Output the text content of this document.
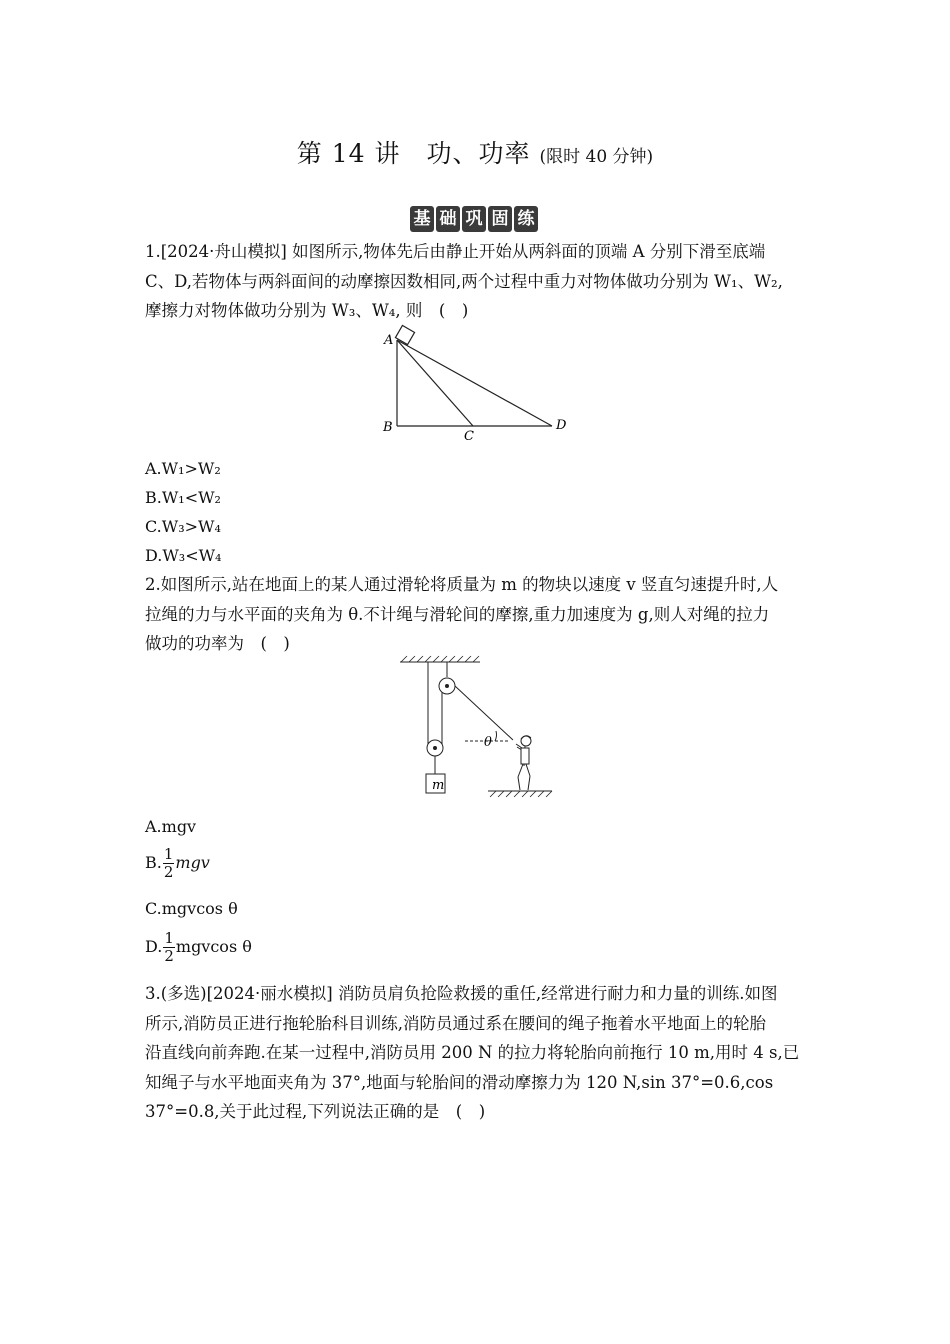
第 14 讲　功、功率 (限时 40 分钟)
基 础 巩 固 练
1.[2024·舟山模拟] 如图所示,物体先后由静止开始从两斜面的顶端 A 分别下滑至底端
C、D,若物体与两斜面间的动摩擦因数相同,两个过程中重力对物体做功分别为 W₁、W₂,
摩擦力对物体做功分别为 W₃、W₄, 则　(　)
A
B
C
D
A.W₁>W₂
B.W₁<W₂
C.W₃>W₄
D.W₃<W₄
2.如图所示,站在地面上的某人通过滑轮将质量为 m 的物块以速度 v 竖直匀速提升时,人
拉绳的力与水平面的夹角为 θ.不计绳与滑轮间的摩擦,重力加速度为 g,则人对绳的拉力
做功的功率为　(　)
m
θ
A.mgv
B. $\frac{1}{2}$ mgv
C.mgvcos θ
D. $\frac{1}{2}$ mgvcos θ
3.(多选)[2024·丽水模拟] 消防员肩负抢险救援的重任,经常进行耐力和力量的训练.如图
所示,消防员正进行拖轮胎科目训练,消防员通过系在腰间的绳子拖着水平地面上的轮胎
沿直线向前奔跑.在某一过程中,消防员用 200 N 的拉力将轮胎向前拖行 10 m,用时 4 s,已
知绳子与水平地面夹角为 37°,地面与轮胎间的滑动摩擦力为 120 N,sin 37°=0.6,cos
37°=0.8,关于此过程,下列说法正确的是　(　)
